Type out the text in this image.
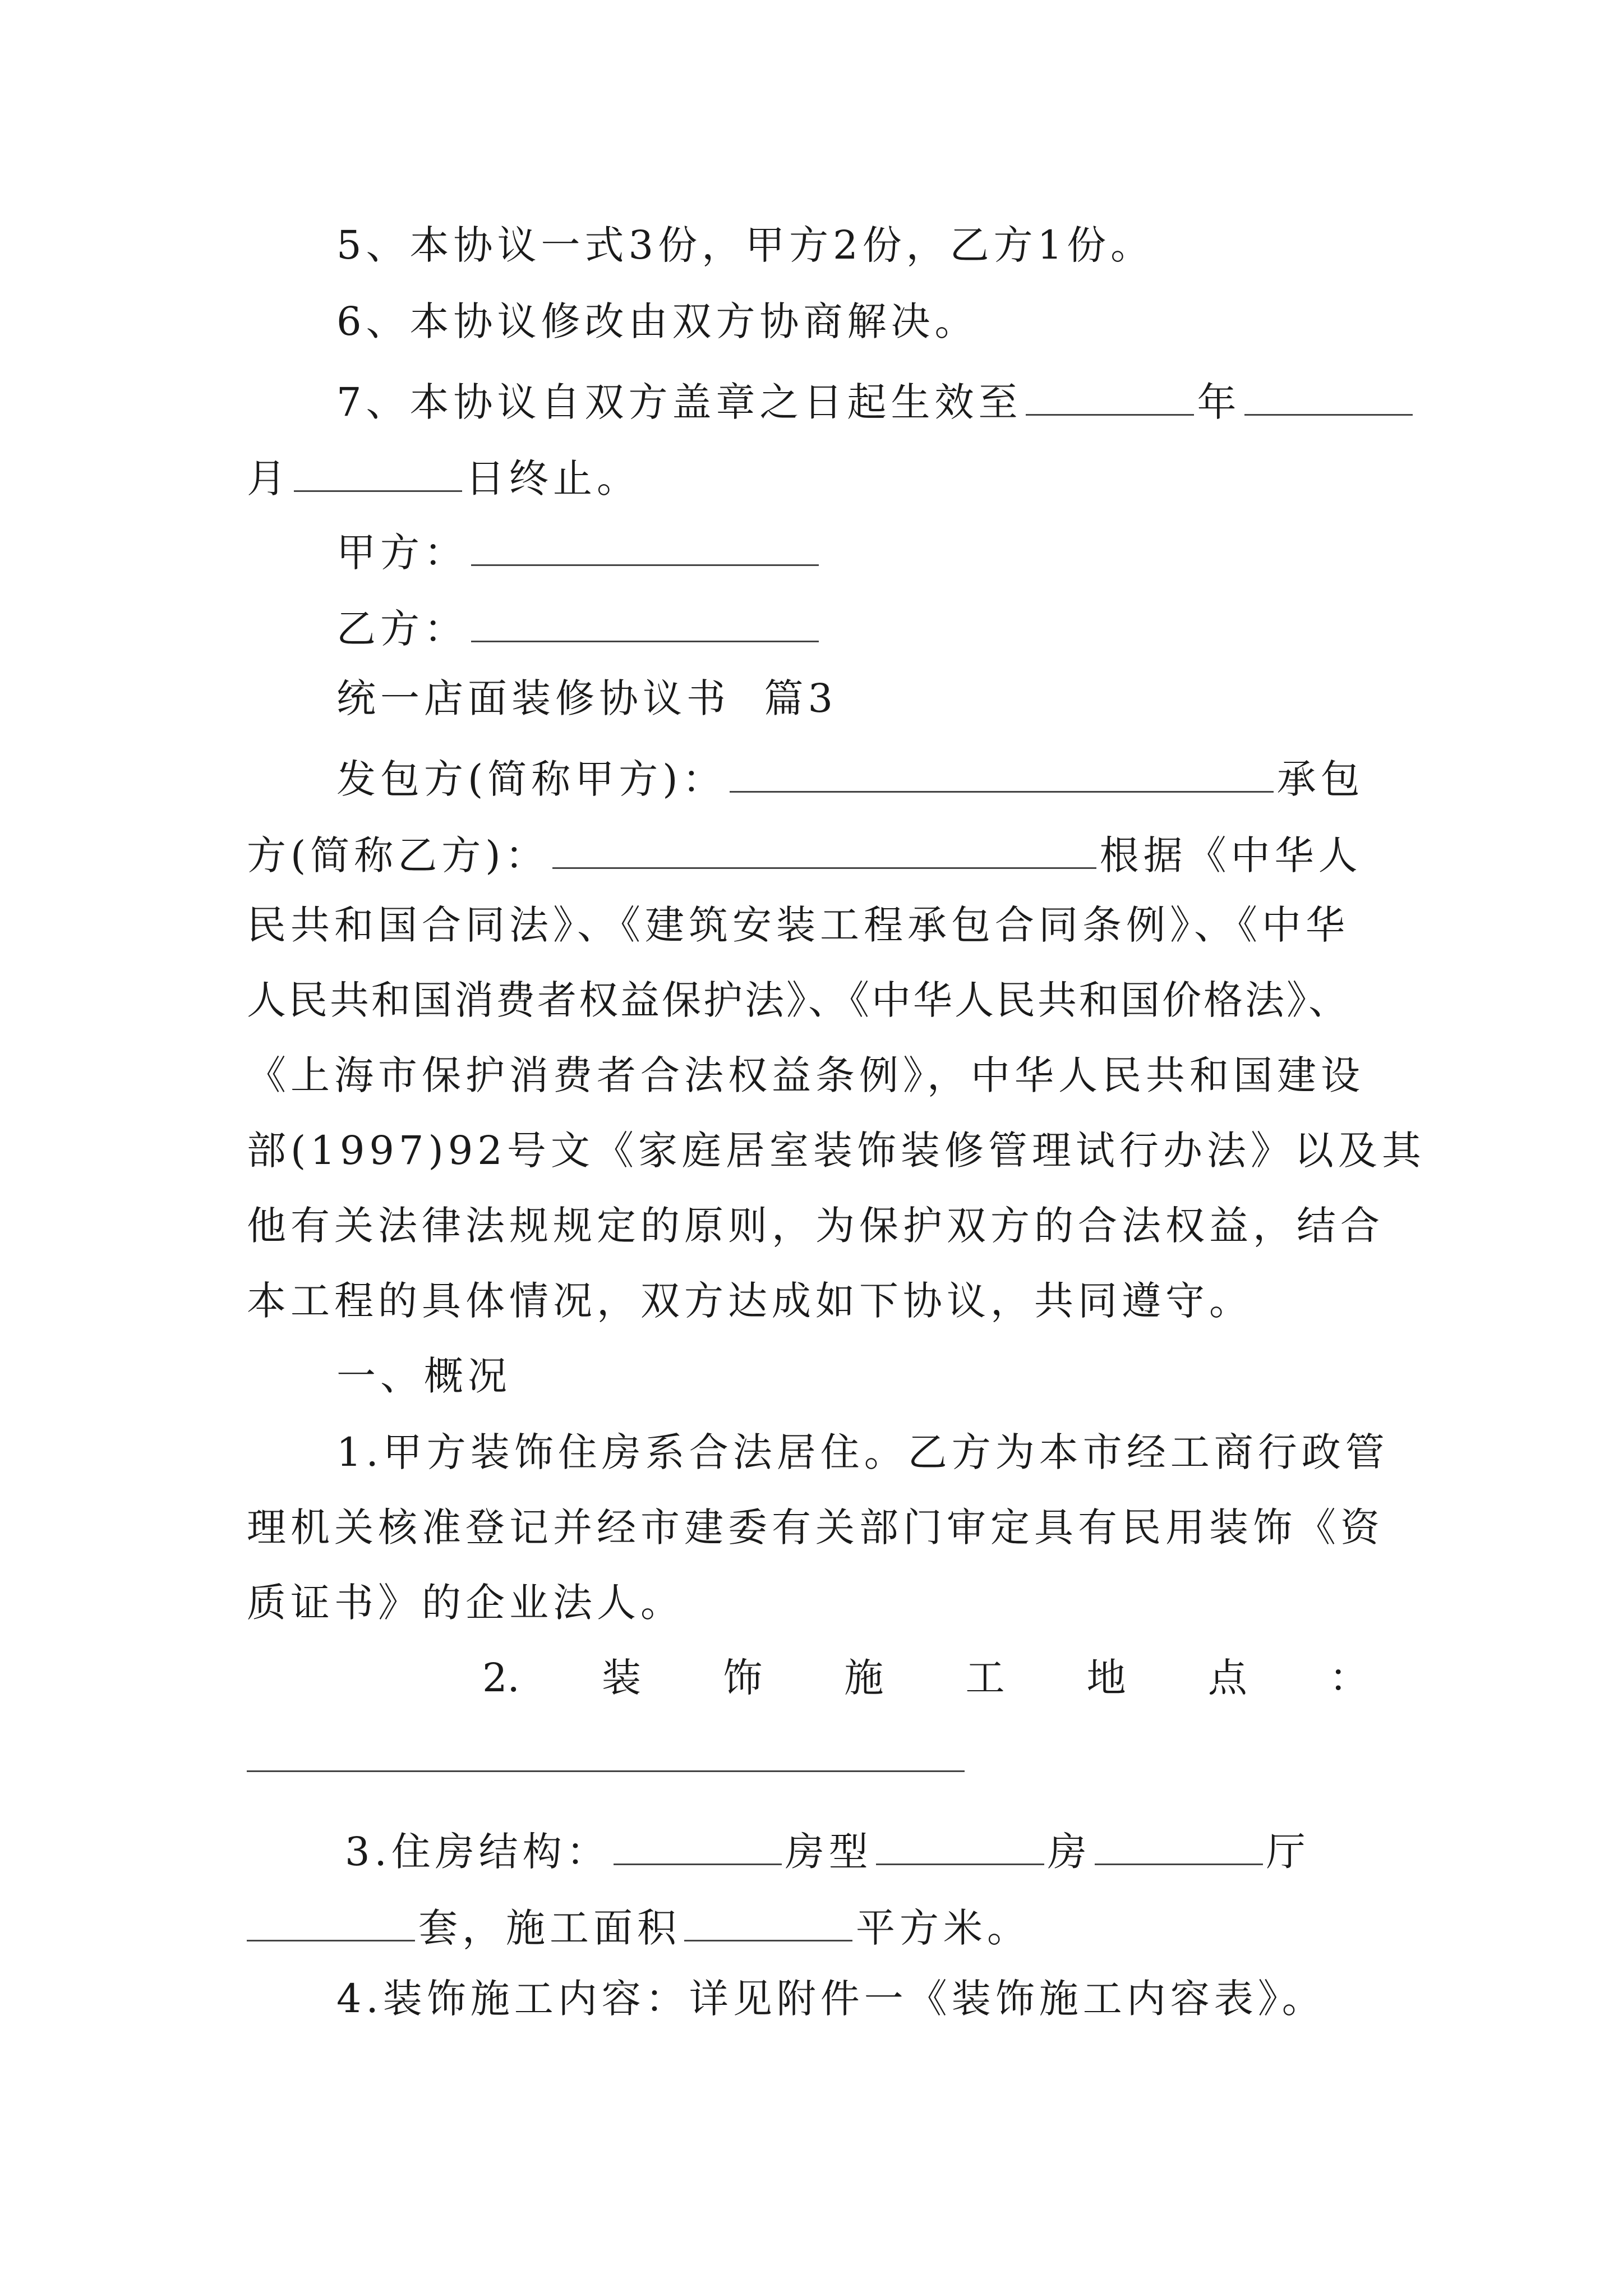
5、本协议一式3份，甲方2份，乙方1份。
6、本协议修改由双方协商解决。
7、本协议自双方盖章之日起生效至	年
月	日终止。
甲方：
乙方：
统一店面装修协议书  篇3
发包方(简称甲方)：	承包
方(简称乙方)：	根据《中华人
民共和国合同法》、《建筑安装工程承包合同条例》、《中华
人民共和国消费者权益保护法》、《中华人民共和国价格法》、
《上海市保护消费者合法权益条例》，中华人民共和国建设
部(1997)92号文《家庭居室装饰装修管理试行办法》以及其
他有关法律法规规定的原则，为保护双方的合法权益，结合
本工程的具体情况，双方达成如下协议，共同遵守。
一、概况
1.甲方装饰住房系合法居住。乙方为本市经工商行政管
理机关核准登记并经市建委有关部门审定具有民用装饰《资
质证书》的企业法人。
2. 装 饰 施 工 地 点 ：
3.住房结构：	房型	房	厅
套，施工面积	平方米。
4.装饰施工内容：详见附件一《装饰施工内容表》。
